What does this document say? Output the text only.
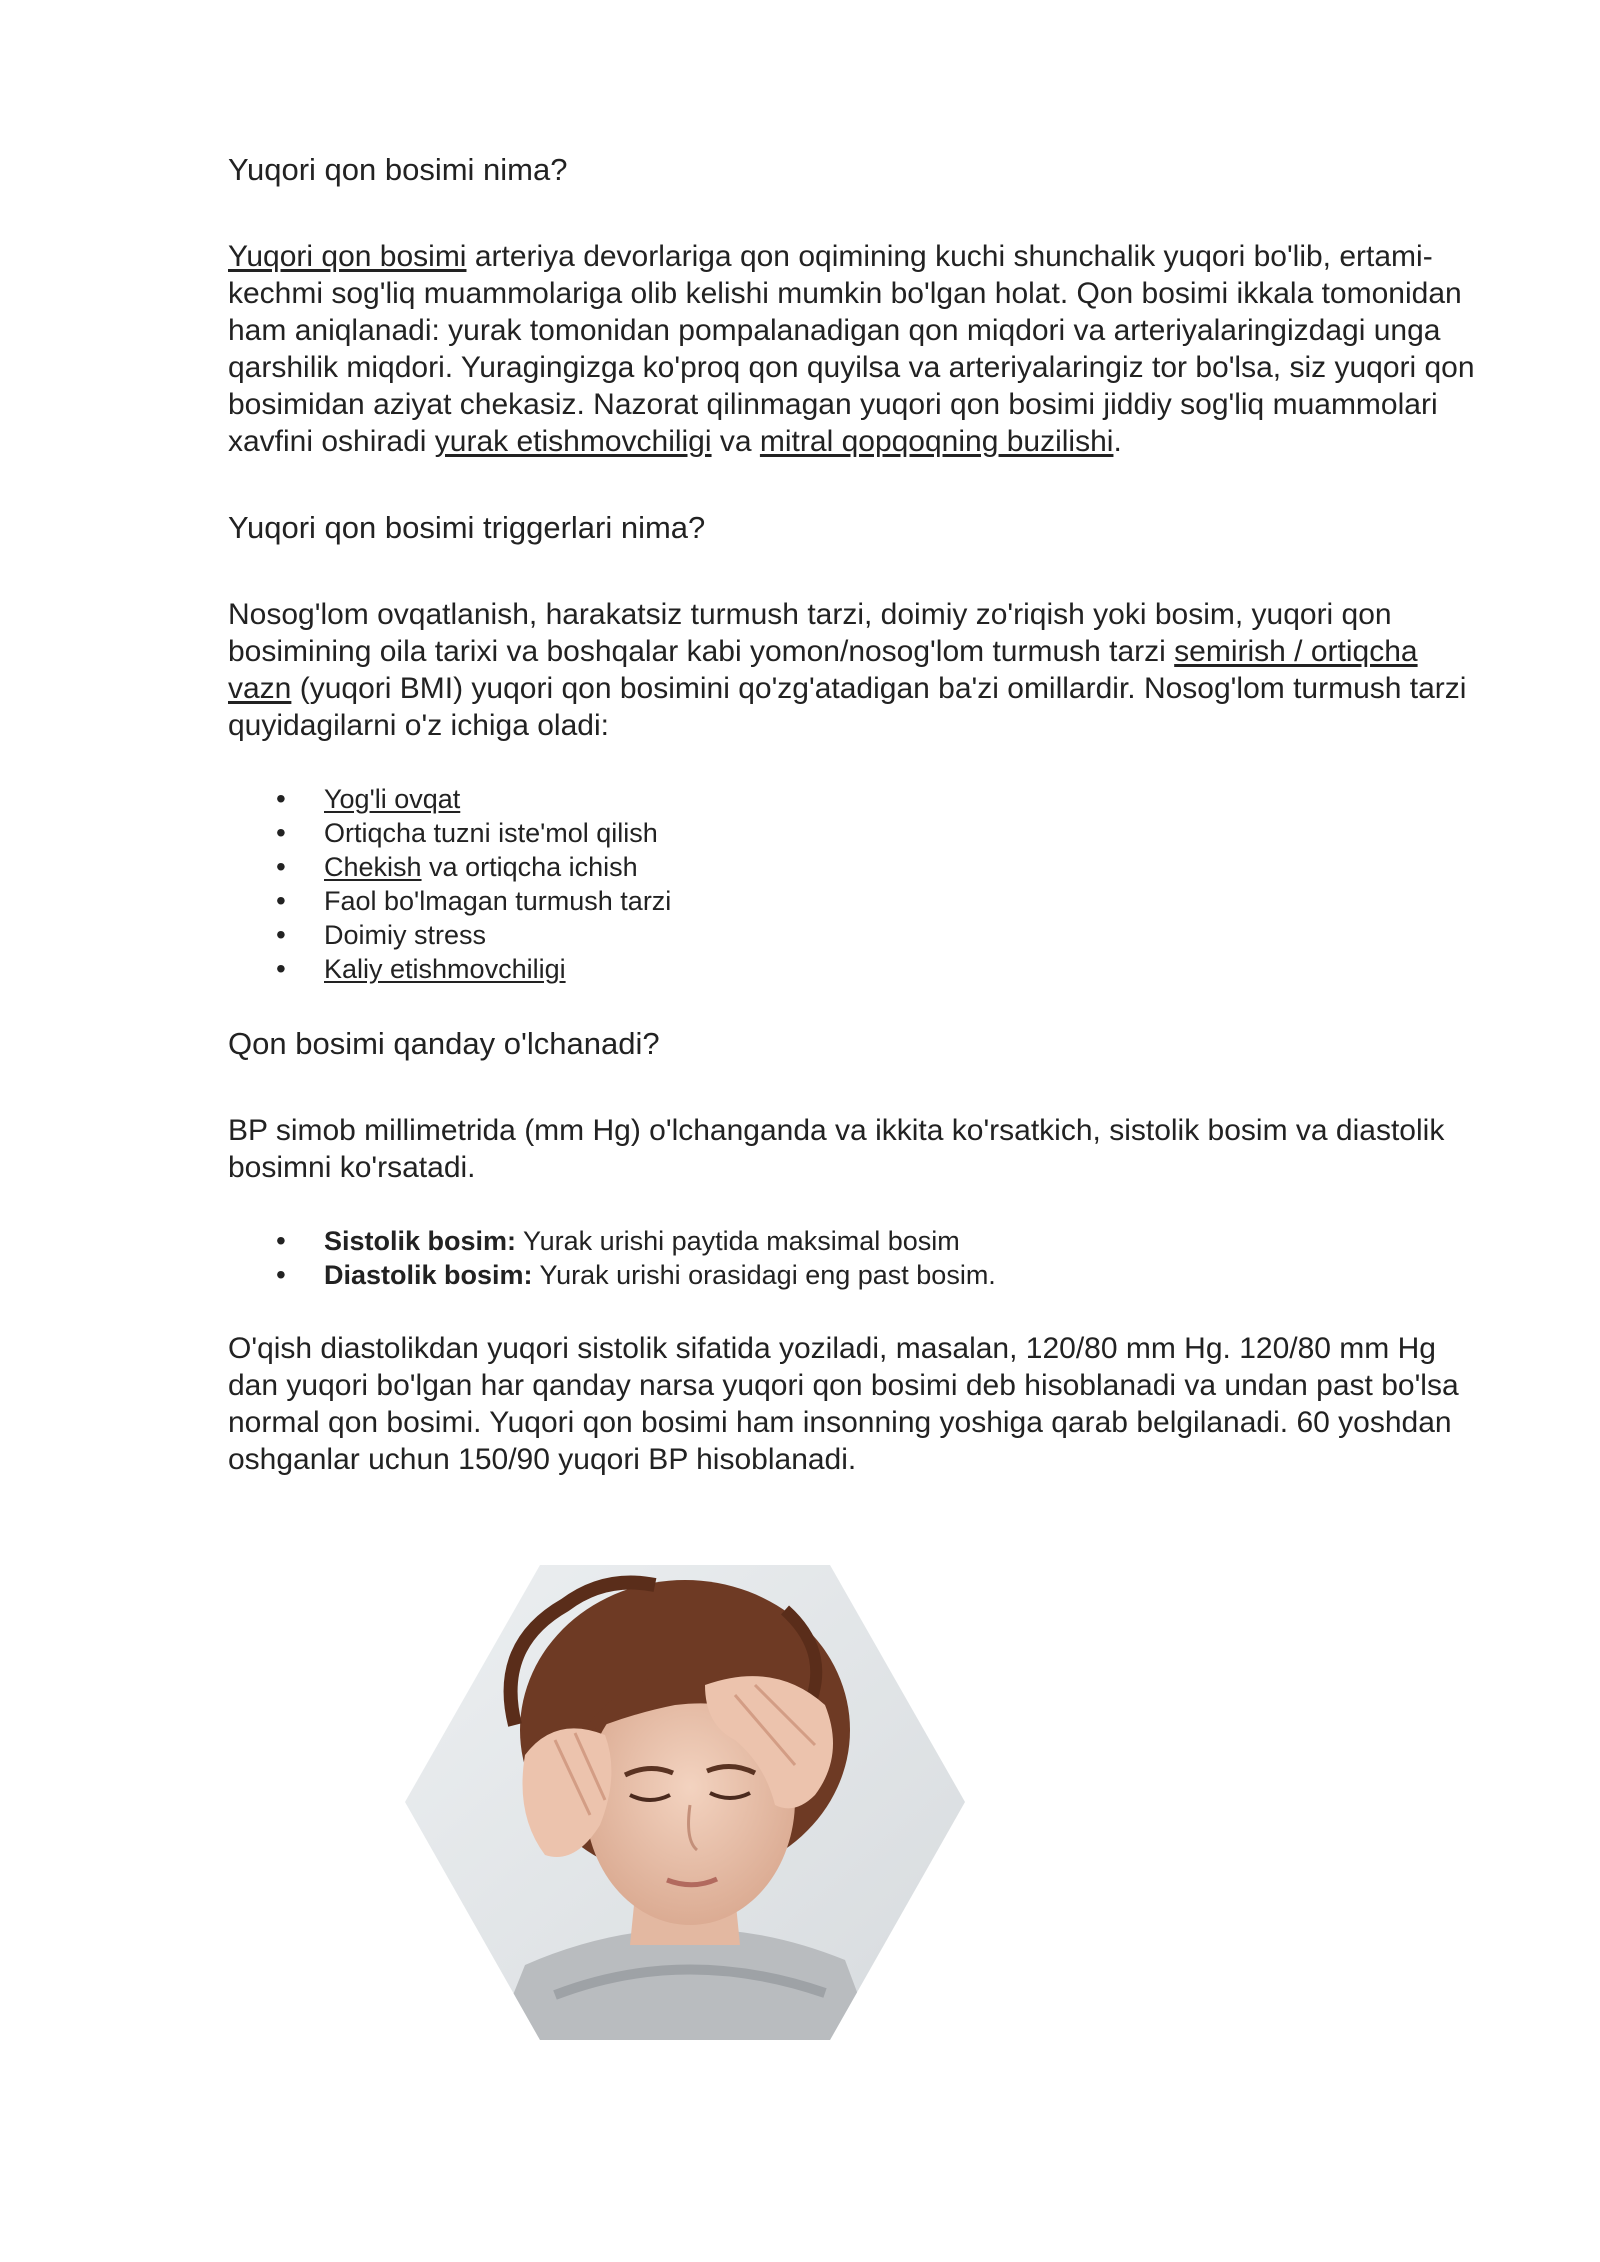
Yuqori qon bosimi nima?

Yuqori qon bosimi arteriya devorlariga qon oqimining kuchi shunchalik yuqori bo'lib, ertami-kechmi sog'liq muammolariga olib kelishi mumkin bo'lgan holat. Qon bosimi ikkala tomonidan ham aniqlanadi: yurak tomonidan pompalanadigan qon miqdori va arteriyalaringizdagi unga qarshilik miqdori. Yuragingizga ko'proq qon quyilsa va arteriyalaringiz tor bo'lsa, siz yuqori qon bosimidan aziyat chekasiz. Nazorat qilinmagan yuqori qon bosimi jiddiy sog'liq muammolari xavfini oshiradi yurak etishmovchiligi va mitral qopqoqning buzilishi.

Yuqori qon bosimi triggerlari nima?

Nosog'lom ovqatlanish, harakatsiz turmush tarzi, doimiy zo'riqish yoki bosim, yuqori qon bosimining oila tarixi va boshqalar kabi yomon/nosog'lom turmush tarzi semirish / ortiqcha vazn (yuqori BMI) yuqori qon bosimini qo'zg'atadigan ba'zi omillardir. Nosog'lom turmush tarzi quyidagilarni o'z ichiga oladi:

• Yog'li ovqat
• Ortiqcha tuzni iste'mol qilish
• Chekish va ortiqcha ichish
• Faol bo'lmagan turmush tarzi
• Doimiy stress
• Kaliy etishmovchiligi
Qon bosimi qanday o'lchanadi?

BP simob millimetrida (mm Hg) o'lchanganda va ikkita ko'rsatkich, sistolik bosim va diastolik bosimni ko'rsatadi.

• Sistolik bosim: Yurak urishi paytida maksimal bosim
• Diastolik bosim: Yurak urishi orasidagi eng past bosim.

O'qish diastolikdan yuqori sistolik sifatida yoziladi, masalan, 120/80 mm Hg. 120/80 mm Hg dan yuqori bo'lgan har qanday narsa yuqori qon bosimi deb hisoblanadi va undan past bo'lsa normal qon bosimi. Yuqori qon bosimi ham insonning yoshiga qarab belgilanadi. 60 yoshdan oshganlar uchun 150/90 yuqori BP hisoblanadi.
